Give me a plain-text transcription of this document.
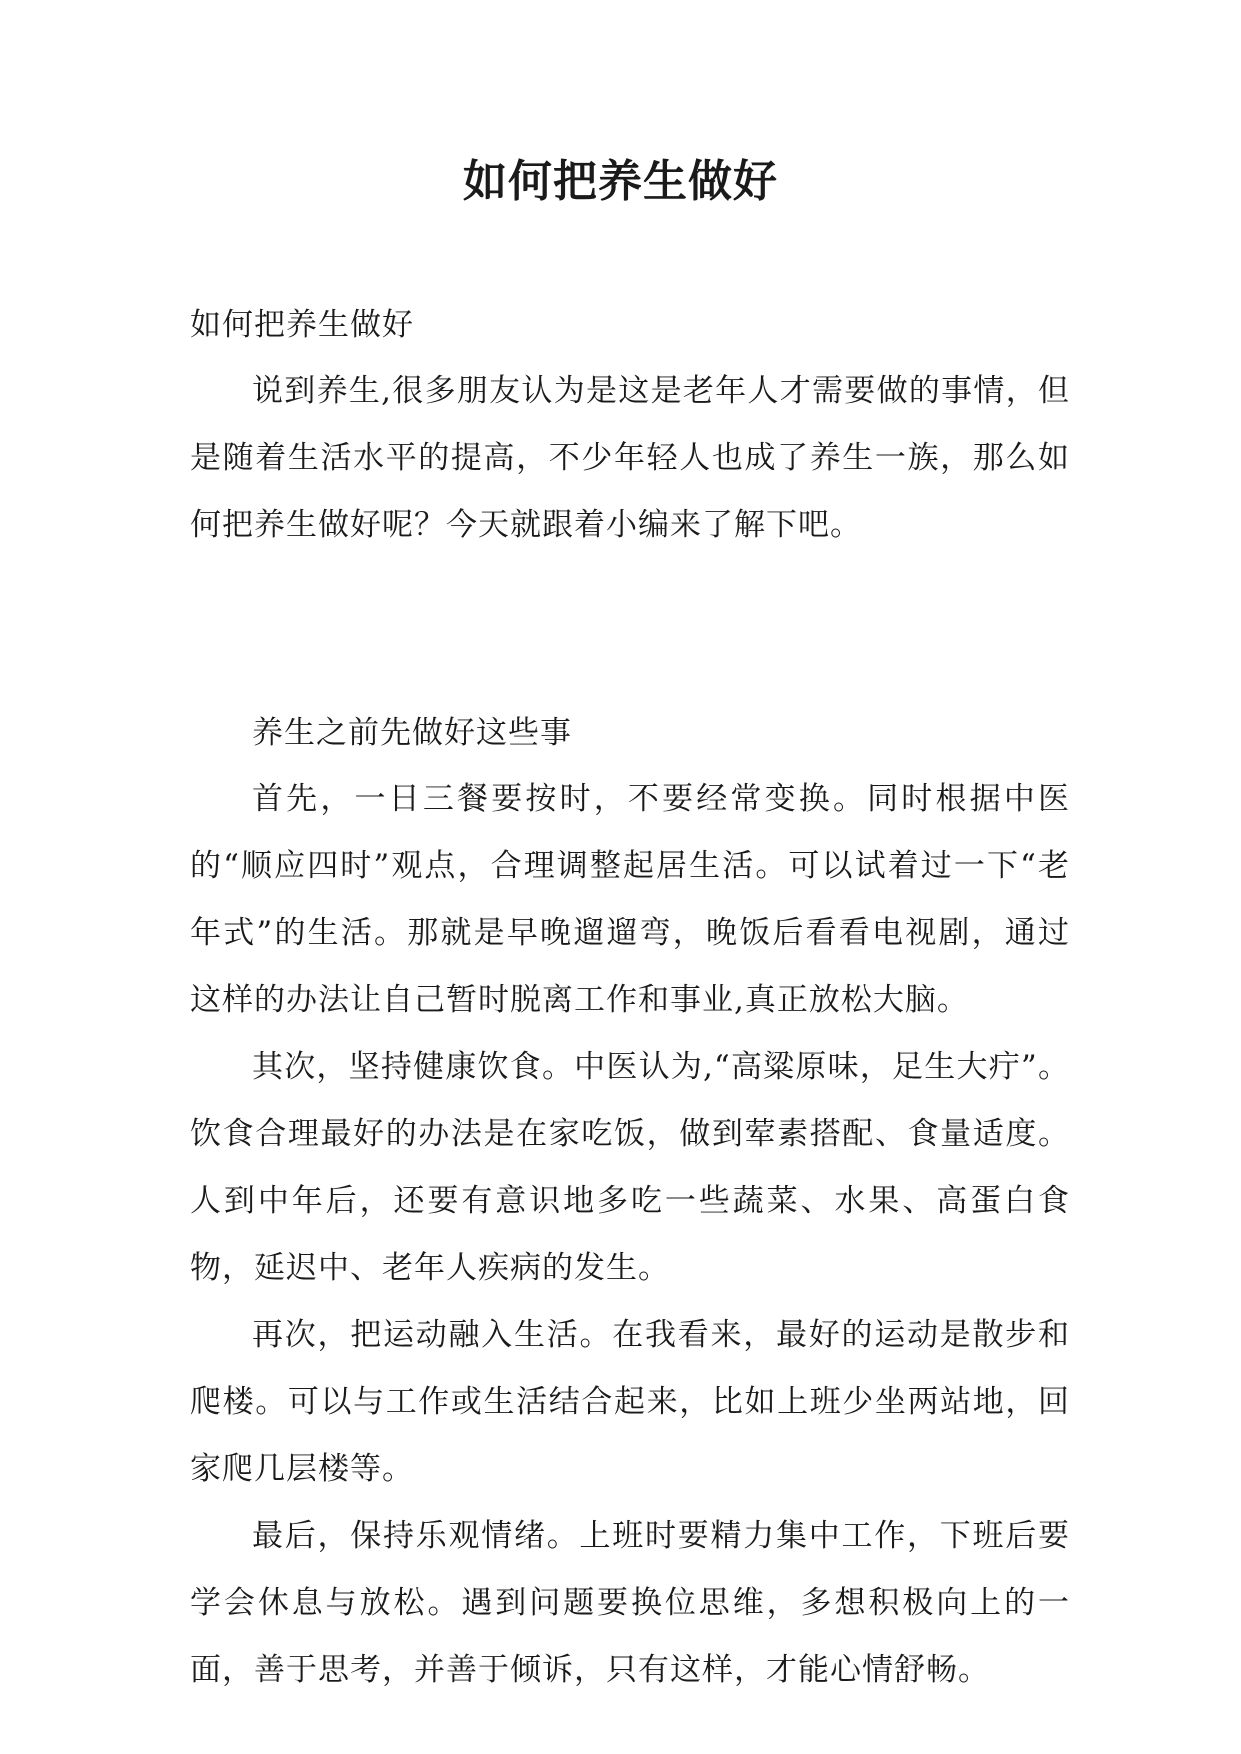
如何把养生做好
如何把养生做好

说到养生,很多朋友认为是这是老年人才需要做的事情，但是随着生活水平的提高，不少年轻人也成了养生一族，那么如何把养生做好呢？今天就跟着小编来了解下吧。

养生之前先做好这些事

首先，一日三餐要按时，不要经常变换。同时根据中医的“顺应四时”观点，合理调整起居生活。可以试着过一下“老年式”的生活。那就是早晚遛遛弯，晚饭后看看电视剧，通过这样的办法让自己暂时脱离工作和事业,真正放松大脑。

其次，坚持健康饮食。中医认为,“高粱原味，足生大疔”。饮食合理最好的办法是在家吃饭，做到荤素搭配、食量适度。人到中年后，还要有意识地多吃一些蔬菜、水果、高蛋白食物，延迟中、老年人疾病的发生。

再次，把运动融入生活。在我看来，最好的运动是散步和爬楼。可以与工作或生活结合起来，比如上班少坐两站地，回家爬几层楼等。

最后，保持乐观情绪。上班时要精力集中工作，下班后要学会休息与放松。遇到问题要换位思维，多想积极向上的一面，善于思考，并善于倾诉，只有这样，才能心情舒畅。
